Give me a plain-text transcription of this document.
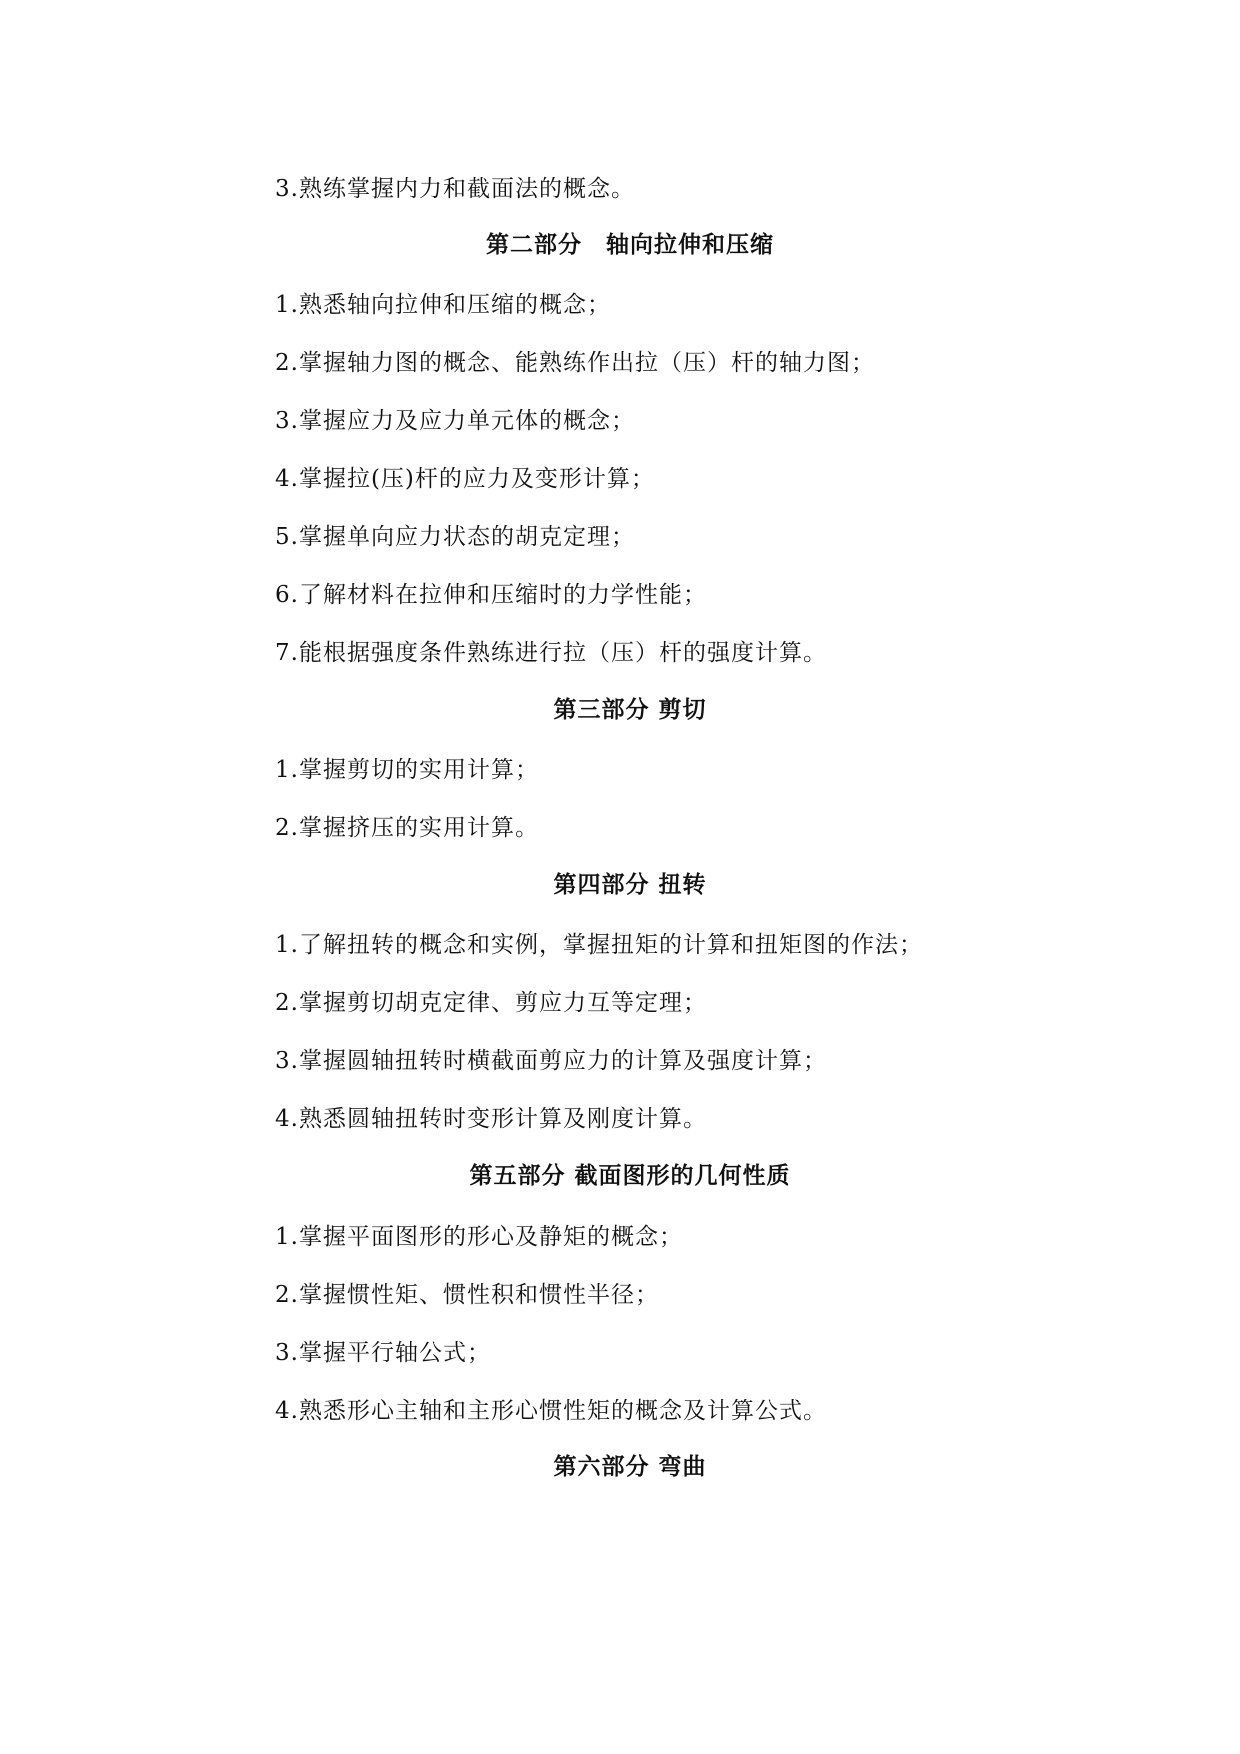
3.熟练掌握内力和截面法的概念。
第二部分　轴向拉伸和压缩
1.熟悉轴向拉伸和压缩的概念；
2.掌握轴力图的概念、能熟练作出拉（压）杆的轴力图；
3.掌握应力及应力单元体的概念；
4.掌握拉(压)杆的应力及变形计算；
5.掌握单向应力状态的胡克定理；
6.了解材料在拉伸和压缩时的力学性能；
7.能根据强度条件熟练进行拉（压）杆的强度计算。
第三部分 剪切
1.掌握剪切的实用计算；
2.掌握挤压的实用计算。
第四部分 扭转
1.了解扭转的概念和实例，掌握扭矩的计算和扭矩图的作法；
2.掌握剪切胡克定律、剪应力互等定理；
3.掌握圆轴扭转时横截面剪应力的计算及强度计算；
4.熟悉圆轴扭转时变形计算及刚度计算。
第五部分 截面图形的几何性质
1.掌握平面图形的形心及静矩的概念；
2.掌握惯性矩、惯性积和惯性半径；
3.掌握平行轴公式；
4.熟悉形心主轴和主形心惯性矩的概念及计算公式。
第六部分 弯曲
